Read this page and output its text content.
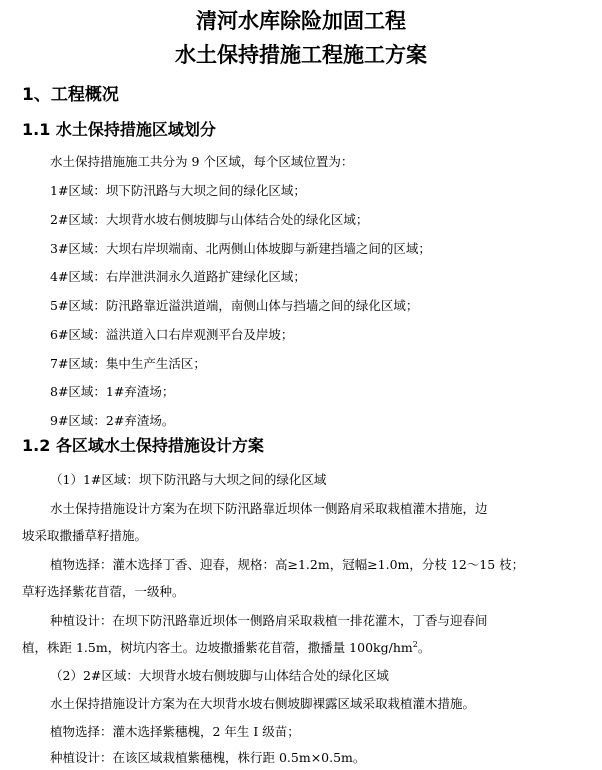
清河水库除险加固工程
水土保持措施工程施工方案
1、工程概况
1.1 水土保持措施区域划分
水土保持措施施工共分为 9 个区域，每个区域位置为：
1#区域：坝下防汛路与大坝之间的绿化区域；
2#区域：大坝背水坡右侧坡脚与山体结合处的绿化区域；
3#区域：大坝右岸坝端南、北两侧山体坡脚与新建挡墙之间的区域；
4#区域：右岸泄洪洞永久道路扩建绿化区域；
5#区域：防汛路靠近溢洪道端，南侧山体与挡墙之间的绿化区域；
6#区域：溢洪道入口右岸观测平台及岸坡；
7#区域：集中生产生活区；
8#区域：1#弃渣场；
9#区域：2#弃渣场。
1.2 各区域水土保持措施设计方案
（1）1#区域：坝下防汛路与大坝之间的绿化区域
水土保持措施设计方案为在坝下防汛路靠近坝体一侧路肩采取栽植灌木措施，边
坡采取撒播草籽措施。
植物选择：灌木选择丁香、迎春，规格：高≥1.2m，冠幅≥1.0m，分枝 12～15 枝；
草籽选择紫花苜蓿，一级种。
种植设计：在坝下防汛路靠近坝体一侧路肩采取栽植一排花灌木，丁香与迎春间
植，株距 1.5m，树坑内客土。边坡撒播紫花苜蓿，撒播量 $100kg/hm^2$。
（2）2#区域：大坝背水坡右侧坡脚与山体结合处的绿化区域
水土保持措施设计方案为在大坝背水坡右侧坡脚裸露区域采取栽植灌木措施。
植物选择：灌木选择紫穗槐，2 年生 I 级苗；
种植设计：在该区域栽植紫穗槐，株行距 0.5m×0.5m。
